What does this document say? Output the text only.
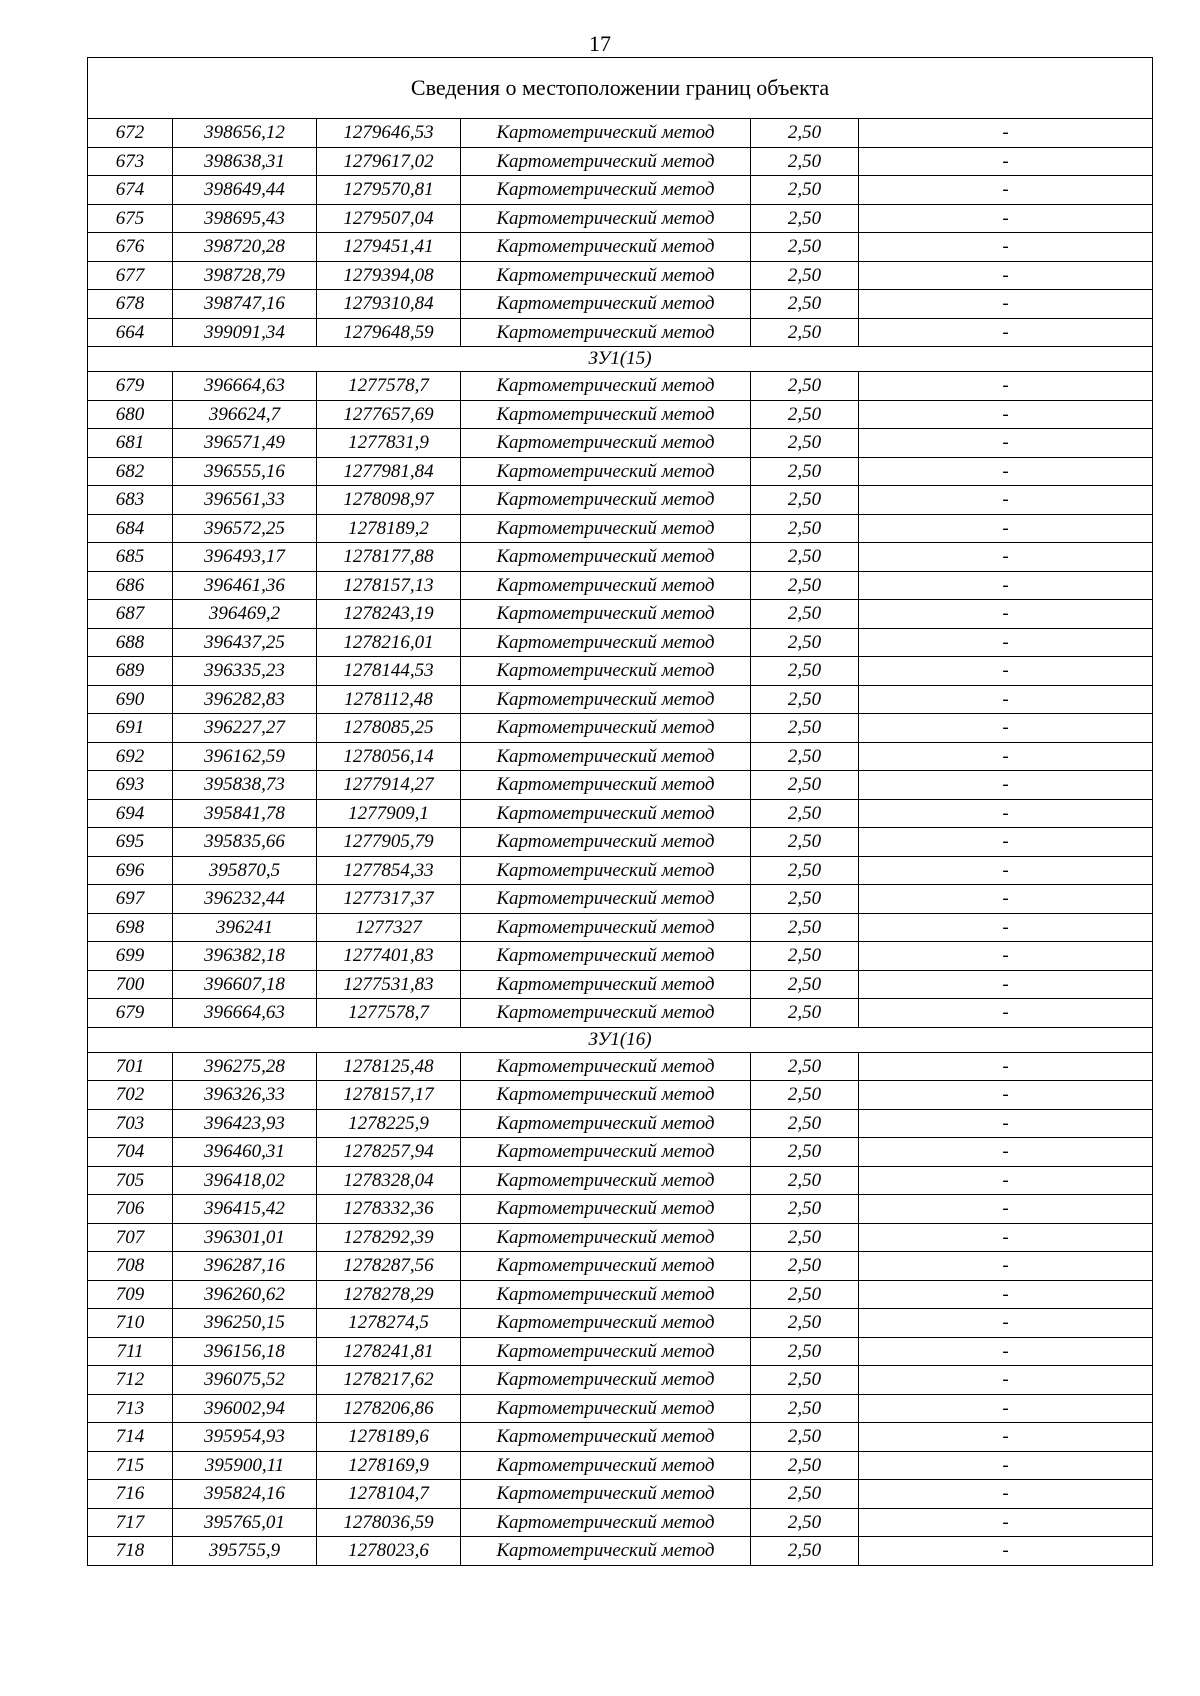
17
Сведения о местоположении границ объекта					
672	398656,12	1279646,53	Картометрический метод	2,50	-
673	398638,31	1279617,02	Картометрический метод	2,50	-
674	398649,44	1279570,81	Картометрический метод	2,50	-
675	398695,43	1279507,04	Картометрический метод	2,50	-
676	398720,28	1279451,41	Картометрический метод	2,50	-
677	398728,79	1279394,08	Картометрический метод	2,50	-
678	398747,16	1279310,84	Картометрический метод	2,50	-
664	399091,34	1279648,59	Картометрический метод	2,50	-
ЗУ1(15)					
679	396664,63	1277578,7	Картометрический метод	2,50	-
680	396624,7	1277657,69	Картометрический метод	2,50	-
681	396571,49	1277831,9	Картометрический метод	2,50	-
682	396555,16	1277981,84	Картометрический метод	2,50	-
683	396561,33	1278098,97	Картометрический метод	2,50	-
684	396572,25	1278189,2	Картометрический метод	2,50	-
685	396493,17	1278177,88	Картометрический метод	2,50	-
686	396461,36	1278157,13	Картометрический метод	2,50	-
687	396469,2	1278243,19	Картометрический метод	2,50	-
688	396437,25	1278216,01	Картометрический метод	2,50	-
689	396335,23	1278144,53	Картометрический метод	2,50	-
690	396282,83	1278112,48	Картометрический метод	2,50	-
691	396227,27	1278085,25	Картометрический метод	2,50	-
692	396162,59	1278056,14	Картометрический метод	2,50	-
693	395838,73	1277914,27	Картометрический метод	2,50	-
694	395841,78	1277909,1	Картометрический метод	2,50	-
695	395835,66	1277905,79	Картометрический метод	2,50	-
696	395870,5	1277854,33	Картометрический метод	2,50	-
697	396232,44	1277317,37	Картометрический метод	2,50	-
698	396241	1277327	Картометрический метод	2,50	-
699	396382,18	1277401,83	Картометрический метод	2,50	-
700	396607,18	1277531,83	Картометрический метод	2,50	-
679	396664,63	1277578,7	Картометрический метод	2,50	-
ЗУ1(16)					
701	396275,28	1278125,48	Картометрический метод	2,50	-
702	396326,33	1278157,17	Картометрический метод	2,50	-
703	396423,93	1278225,9	Картометрический метод	2,50	-
704	396460,31	1278257,94	Картометрический метод	2,50	-
705	396418,02	1278328,04	Картометрический метод	2,50	-
706	396415,42	1278332,36	Картометрический метод	2,50	-
707	396301,01	1278292,39	Картометрический метод	2,50	-
708	396287,16	1278287,56	Картометрический метод	2,50	-
709	396260,62	1278278,29	Картометрический метод	2,50	-
710	396250,15	1278274,5	Картометрический метод	2,50	-
711	396156,18	1278241,81	Картометрический метод	2,50	-
712	396075,52	1278217,62	Картометрический метод	2,50	-
713	396002,94	1278206,86	Картометрический метод	2,50	-
714	395954,93	1278189,6	Картометрический метод	2,50	-
715	395900,11	1278169,9	Картометрический метод	2,50	-
716	395824,16	1278104,7	Картометрический метод	2,50	-
717	395765,01	1278036,59	Картометрический метод	2,50	-
718	395755,9	1278023,6	Картометрический метод	2,50	-
